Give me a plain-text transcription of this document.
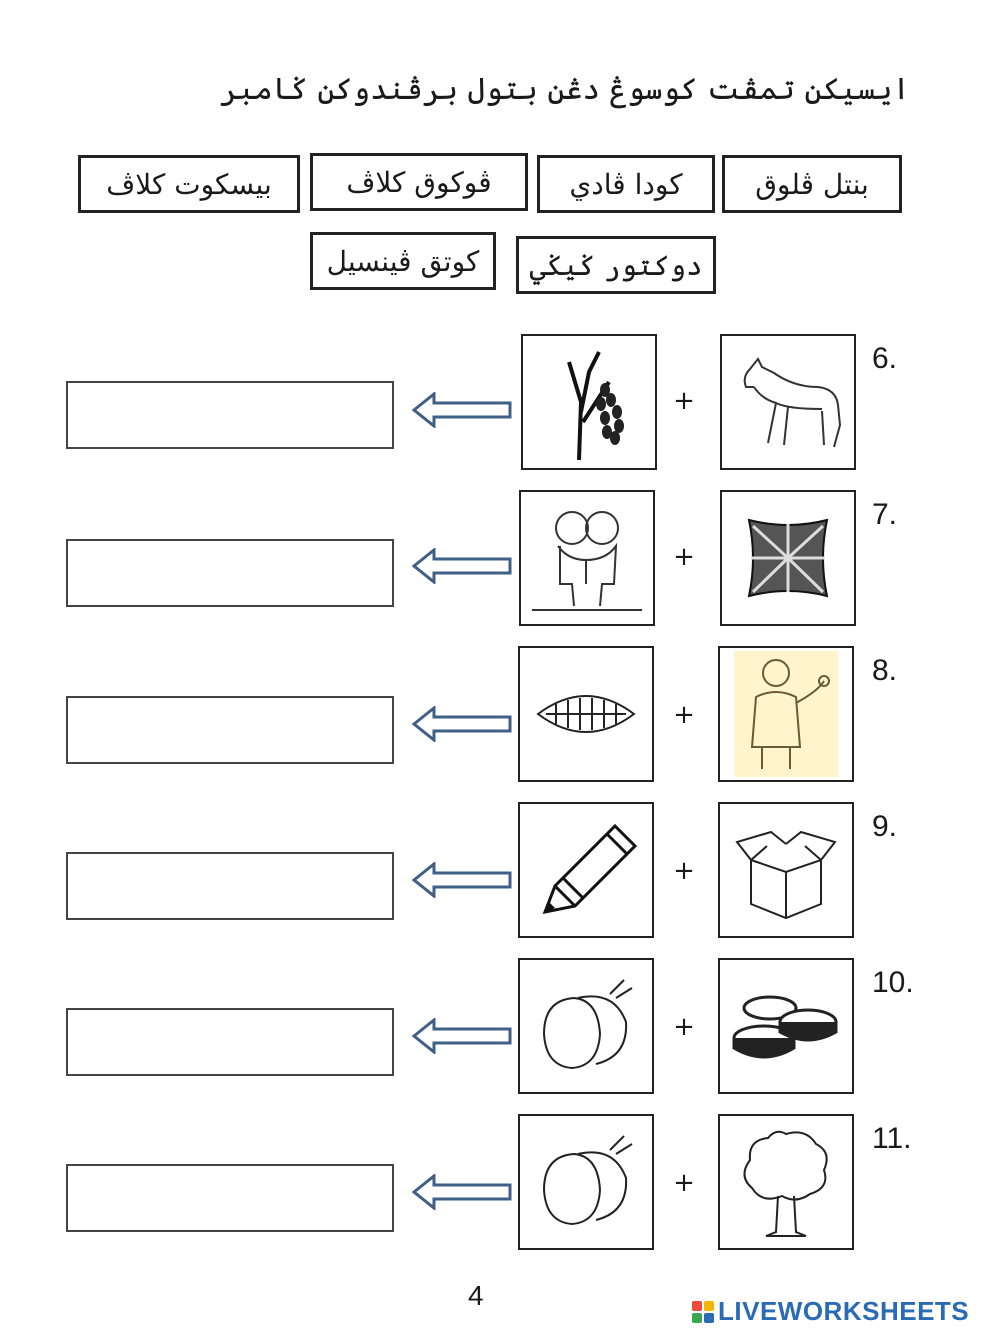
ايسيكن تمڤت كوسوڠ دڠن بتول برڤندوكن ݢامبر
بنتل ڤلوق
كودا ڤادي
ڤوكوق كلاڤ
بيسكوت كلاڤ
دوكتور ݢيݢي
كوتق ڤينسيل
6.
+
7.
+
8.
+
9.
+
10.
+
11.
+
4	LIVEWORKSHEETS
